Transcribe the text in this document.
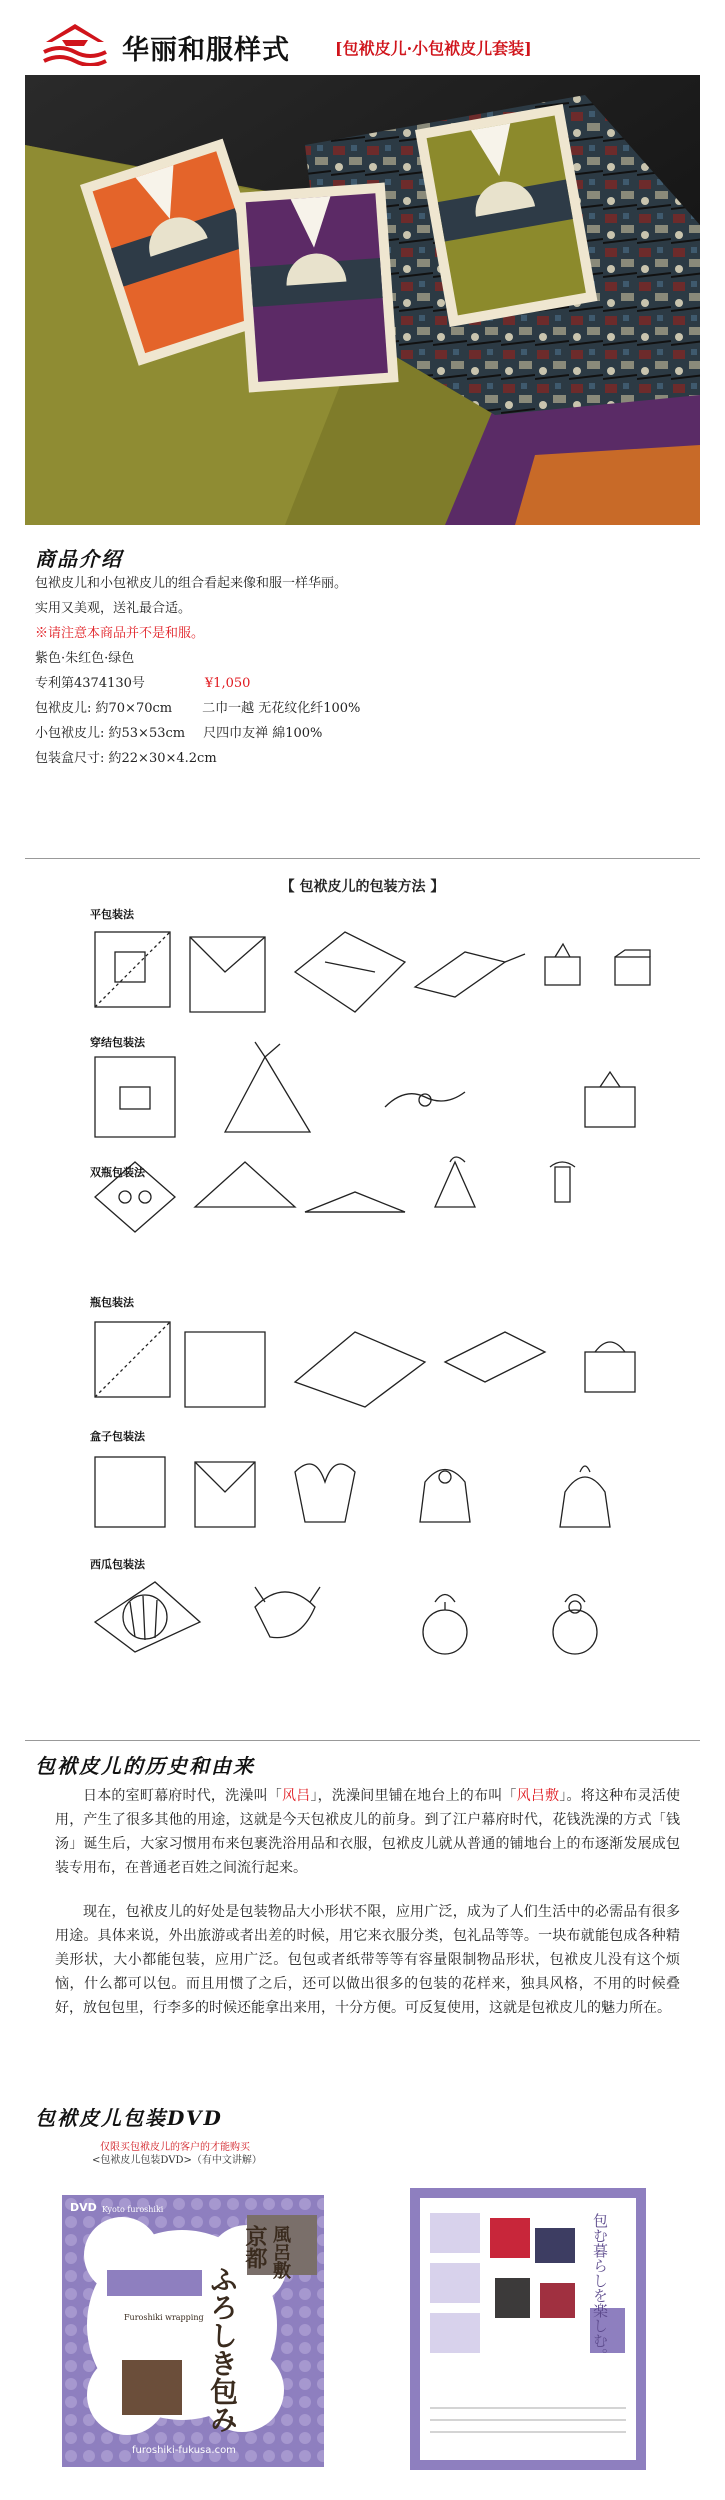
华丽和服样式	[包袱皮儿·小包袱皮儿套装]
商品介绍

包袱皮儿和小包袱皮儿的组合看起来像和服一样华丽。

实用又美观，送礼最合适。

※请注意本商品并不是和服。

紫色·朱红色·绿色

专利第4374130号	¥1,050

包袱皮儿: 約70×70cm 二巾一越 无花纹化纤100%

小包袱皮儿: 約53×53cm 尺四巾友禅 綿100%

包装盒尺寸: 約22×30×4.2cm

【 包袱皮儿的包装方法 】
平包装法
穿结包装法
双瓶包装法
瓶包装法
盒子包装法
西瓜包装法
包袱皮儿的历史和由来

日本的室町幕府时代，洗澡叫「风吕」，洗澡间里铺在地台上的布叫「风吕敷」。将这种布灵活使用，产生了很多其他的用途，这就是今天包袱皮儿的前身。到了江户幕府时代，花钱洗澡的方式「钱汤」诞生后，大家习惯用布来包裹洗浴用品和衣服，包袱皮儿就从普通的铺地台上的布逐渐发展成包装专用布，在普通老百姓之间流行起来。

现在，包袱皮儿的好处是包装物品大小形状不限，应用广泛，成为了人们生活中的必需品有很多用途。具体来说，外出旅游或者出差的时候，用它来衣服分类，包礼品等等。一块布就能包成各种精美形状，大小都能包装，应用广泛。包包或者纸带等等有容量限制物品形状，包袱皮儿没有这个烦恼，什么都可以包。而且用惯了之后，还可以做出很多的包装的花样来，独具风格，不用的时候叠好，放包包里，行李多的时候还能拿出来用，十分方便。可反复使用，这就是包袱皮儿的魅力所在。

包袱皮儿包装DVD
仅限买包袱皮儿的客户的才能购买
<包袱皮儿包装DVD>（有中文讲解）
DVD Kyoto furoshiki
京都 風呂敷
ふろしき包み
Furoshiki wrapping
furoshiki-fukusa.com
包む暮らしを楽しむ。
